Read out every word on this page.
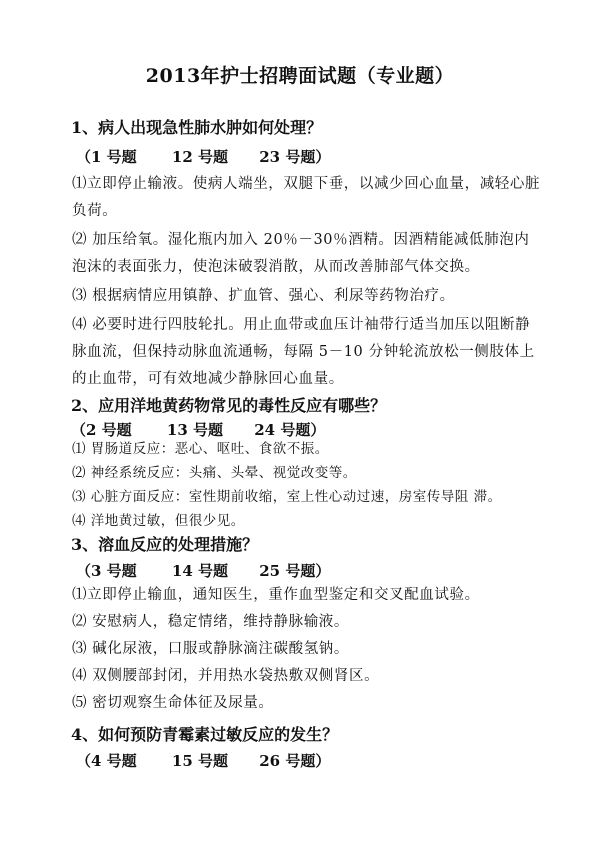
2013年护士招聘面试题（专业题）
1、病人出现急性肺水肿如何处理？
（1 号题 12 号题 23 号题）
⑴立即停止输液。使病人端坐，双腿下垂，以减少回心血量，减轻心脏负荷。
⑵ 加压给氧。湿化瓶内加入 20％－30％酒精。因酒精能减低肺泡内泡沫的表面张力，使泡沫破裂消散，从而改善肺部气体交换。
⑶ 根据病情应用镇静、扩血管、强心、利尿等药物治疗。
⑷ 必要时进行四肢轮扎。用止血带或血压计袖带行适当加压以阻断静脉血流，但保持动脉血流通畅，每隔 5－10 分钟轮流放松一侧肢体上的止血带，可有效地减少静脉回心血量。
2、应用洋地黄药物常见的毒性反应有哪些？
（2 号题 13 号题 24 号题）
⑴ 胃肠道反应：恶心、呕吐、食欲不振。
⑵ 神经系统反应：头痛、头晕、视觉改变等。
⑶ 心脏方面反应：室性期前收缩，室上性心动过速，房室传导阻 滞。
⑷ 洋地黄过敏，但很少见。
3、溶血反应的处理措施？
（3 号题 14 号题 25 号题）
⑴立即停止输血，通知医生，重作血型鉴定和交叉配血试验。
⑵ 安慰病人，稳定情绪，维持静脉输液。
⑶ 碱化尿液，口服或静脉滴注碳酸氢钠。
⑷ 双侧腰部封闭，并用热水袋热敷双侧肾区。
⑸ 密切观察生命体征及尿量。
4、如何预防青霉素过敏反应的发生？
（4 号题 15 号题 26 号题）
